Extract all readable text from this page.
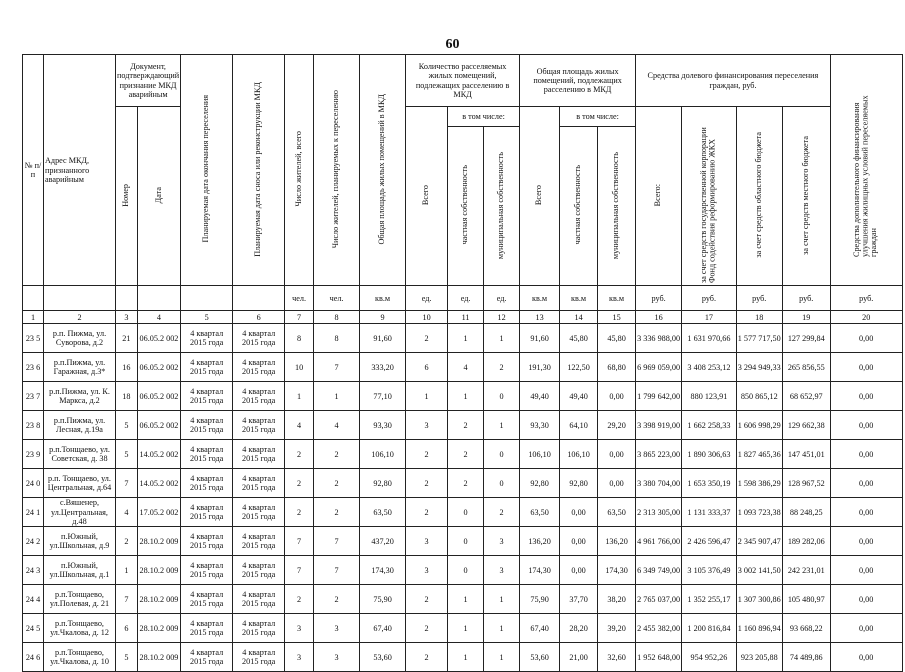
60
№ п/п	Адрес МКД, признанного аварийным	Документ, подтверждающий признание МКД аварийным		Планируемая дата окончания переселения	Планируемая дата сноса или реконструкции МКД	Число жителей, всего	Число жителей, планируемых к переселению	Общая площадь жилых помещений в МКД	Количество расселяемых жилых помещений, подлежащих расселению в МКД			Общая площадь жилых помещений, подлежащих расселению в МКД			Средства долевого финансирования переселения граждан, руб.				Средства дополнительного финансирования улучшения жилищных условий переселяемых граждан
		Номер	Дата						Всего	в том числе:		Всего	в том числе:		Всего:	за счет средств государственной корпорации Фонд содействия реформированию ЖКХ	за счет средств областного бюджета	за счет средств местного бюджета	
										частная собственность	муниципальная собственность		частная собственность	муниципальная собственность					
						чел.	чел.	кв.м	ед.	ед.	ед.	кв.м	кв.м	кв.м	руб.	руб.	руб.	руб.	руб.
1	2	3	4	5	6	7	8	9	10	11	12	13	14	15	16	17	18	19	20
23 5	р.п. Пижма, ул. Суворова, д.2	21	06.05.2 002	4 квартал 2015 года	4 квартал 2015 года	8	8	91,60	2	1	1	91,60	45,80	45,80	3 336 988,00	1 631 970,66	1 577 717,50	127 299,84	0,00
23 6	р.п.Пижма, ул. Гаражная, д.3*	16	06.05.2 002	4 квартал 2015 года	4 квартал 2015 года	10	7	333,20	6	4	2	191,30	122,50	68,80	6 969 059,00	3 408 253,12	3 294 949,33	265 856,55	0,00
23 7	р.п.Пижма, ул. К. Маркса, д.2	18	06.05.2 002	4 квартал 2015 года	4 квартал 2015 года	1	1	77,10	1	1	0	49,40	49,40	0,00	1 799 642,00	880 123,91	850 865,12	68 652,97	0,00
23 8	р.п.Пижма, ул. Лесная, д.19а	5	06.05.2 002	4 квартал 2015 года	4 квартал 2015 года	4	4	93,30	3	2	1	93,30	64,10	29,20	3 398 919,00	1 662 258,33	1 606 998,29	129 662,38	0,00
23 9	р.п.Тонщаево, ул. Советская, д. 38	5	14.05.2 002	4 квартал 2015 года	4 квартал 2015 года	2	2	106,10	2	2	0	106,10	106,10	0,00	3 865 223,00	1 890 306,63	1 827 465,36	147 451,01	0,00
24 0	р.п. Тонщаево, ул. Центральная, д.64	7	14.05.2 002	4 квартал 2015 года	4 квартал 2015 года	2	2	92,80	2	2	0	92,80	92,80	0,00	3 380 704,00	1 653 350,19	1 598 386,29	128 967,52	0,00
24 1	с.Вяшенер, ул.Центральная, д.48	4	17.05.2 002	4 квартал 2015 года	4 квартал 2015 года	2	2	63,50	2	0	2	63,50	0,00	63,50	2 313 305,00	1 131 333,37	1 093 723,38	88 248,25	0,00
24 2	п.Южный, ул.Школьная, д.9	2	28.10.2 009	4 квартал 2015 года	4 квартал 2015 года	7	7	437,20	3	0	3	136,20	0,00	136,20	4 961 766,00	2 426 596,47	2 345 907,47	189 282,06	0,00
24 3	п.Южный, ул.Школьная, д.1	1	28.10.2 009	4 квартал 2015 года	4 квартал 2015 года	7	7	174,30	3	0	3	174,30	0,00	174,30	6 349 749,00	3 105 376,49	3 002 141,50	242 231,01	0,00
24 4	р.п.Тонщаево, ул.Полевая, д. 21	7	28.10.2 009	4 квартал 2015 года	4 квартал 2015 года	2	2	75,90	2	1	1	75,90	37,70	38,20	2 765 037,00	1 352 255,17	1 307 300,86	105 480,97	0,00
24 5	р.п.Тонщаево, ул.Чкалова, д. 12	6	28.10.2 009	4 квартал 2015 года	4 квартал 2015 года	3	3	67,40	2	1	1	67,40	28,20	39,20	2 455 382,00	1 200 816,84	1 160 896,94	93 668,22	0,00
24 6	р.п.Тонщаево, ул.Чкалова, д. 10	5	28.10.2 009	4 квартал 2015 года	4 квартал 2015 года	3	3	53,60	2	1	1	53,60	21,00	32,60	1 952 648,00	954 952,26	923 205,88	74 489,86	0,00
